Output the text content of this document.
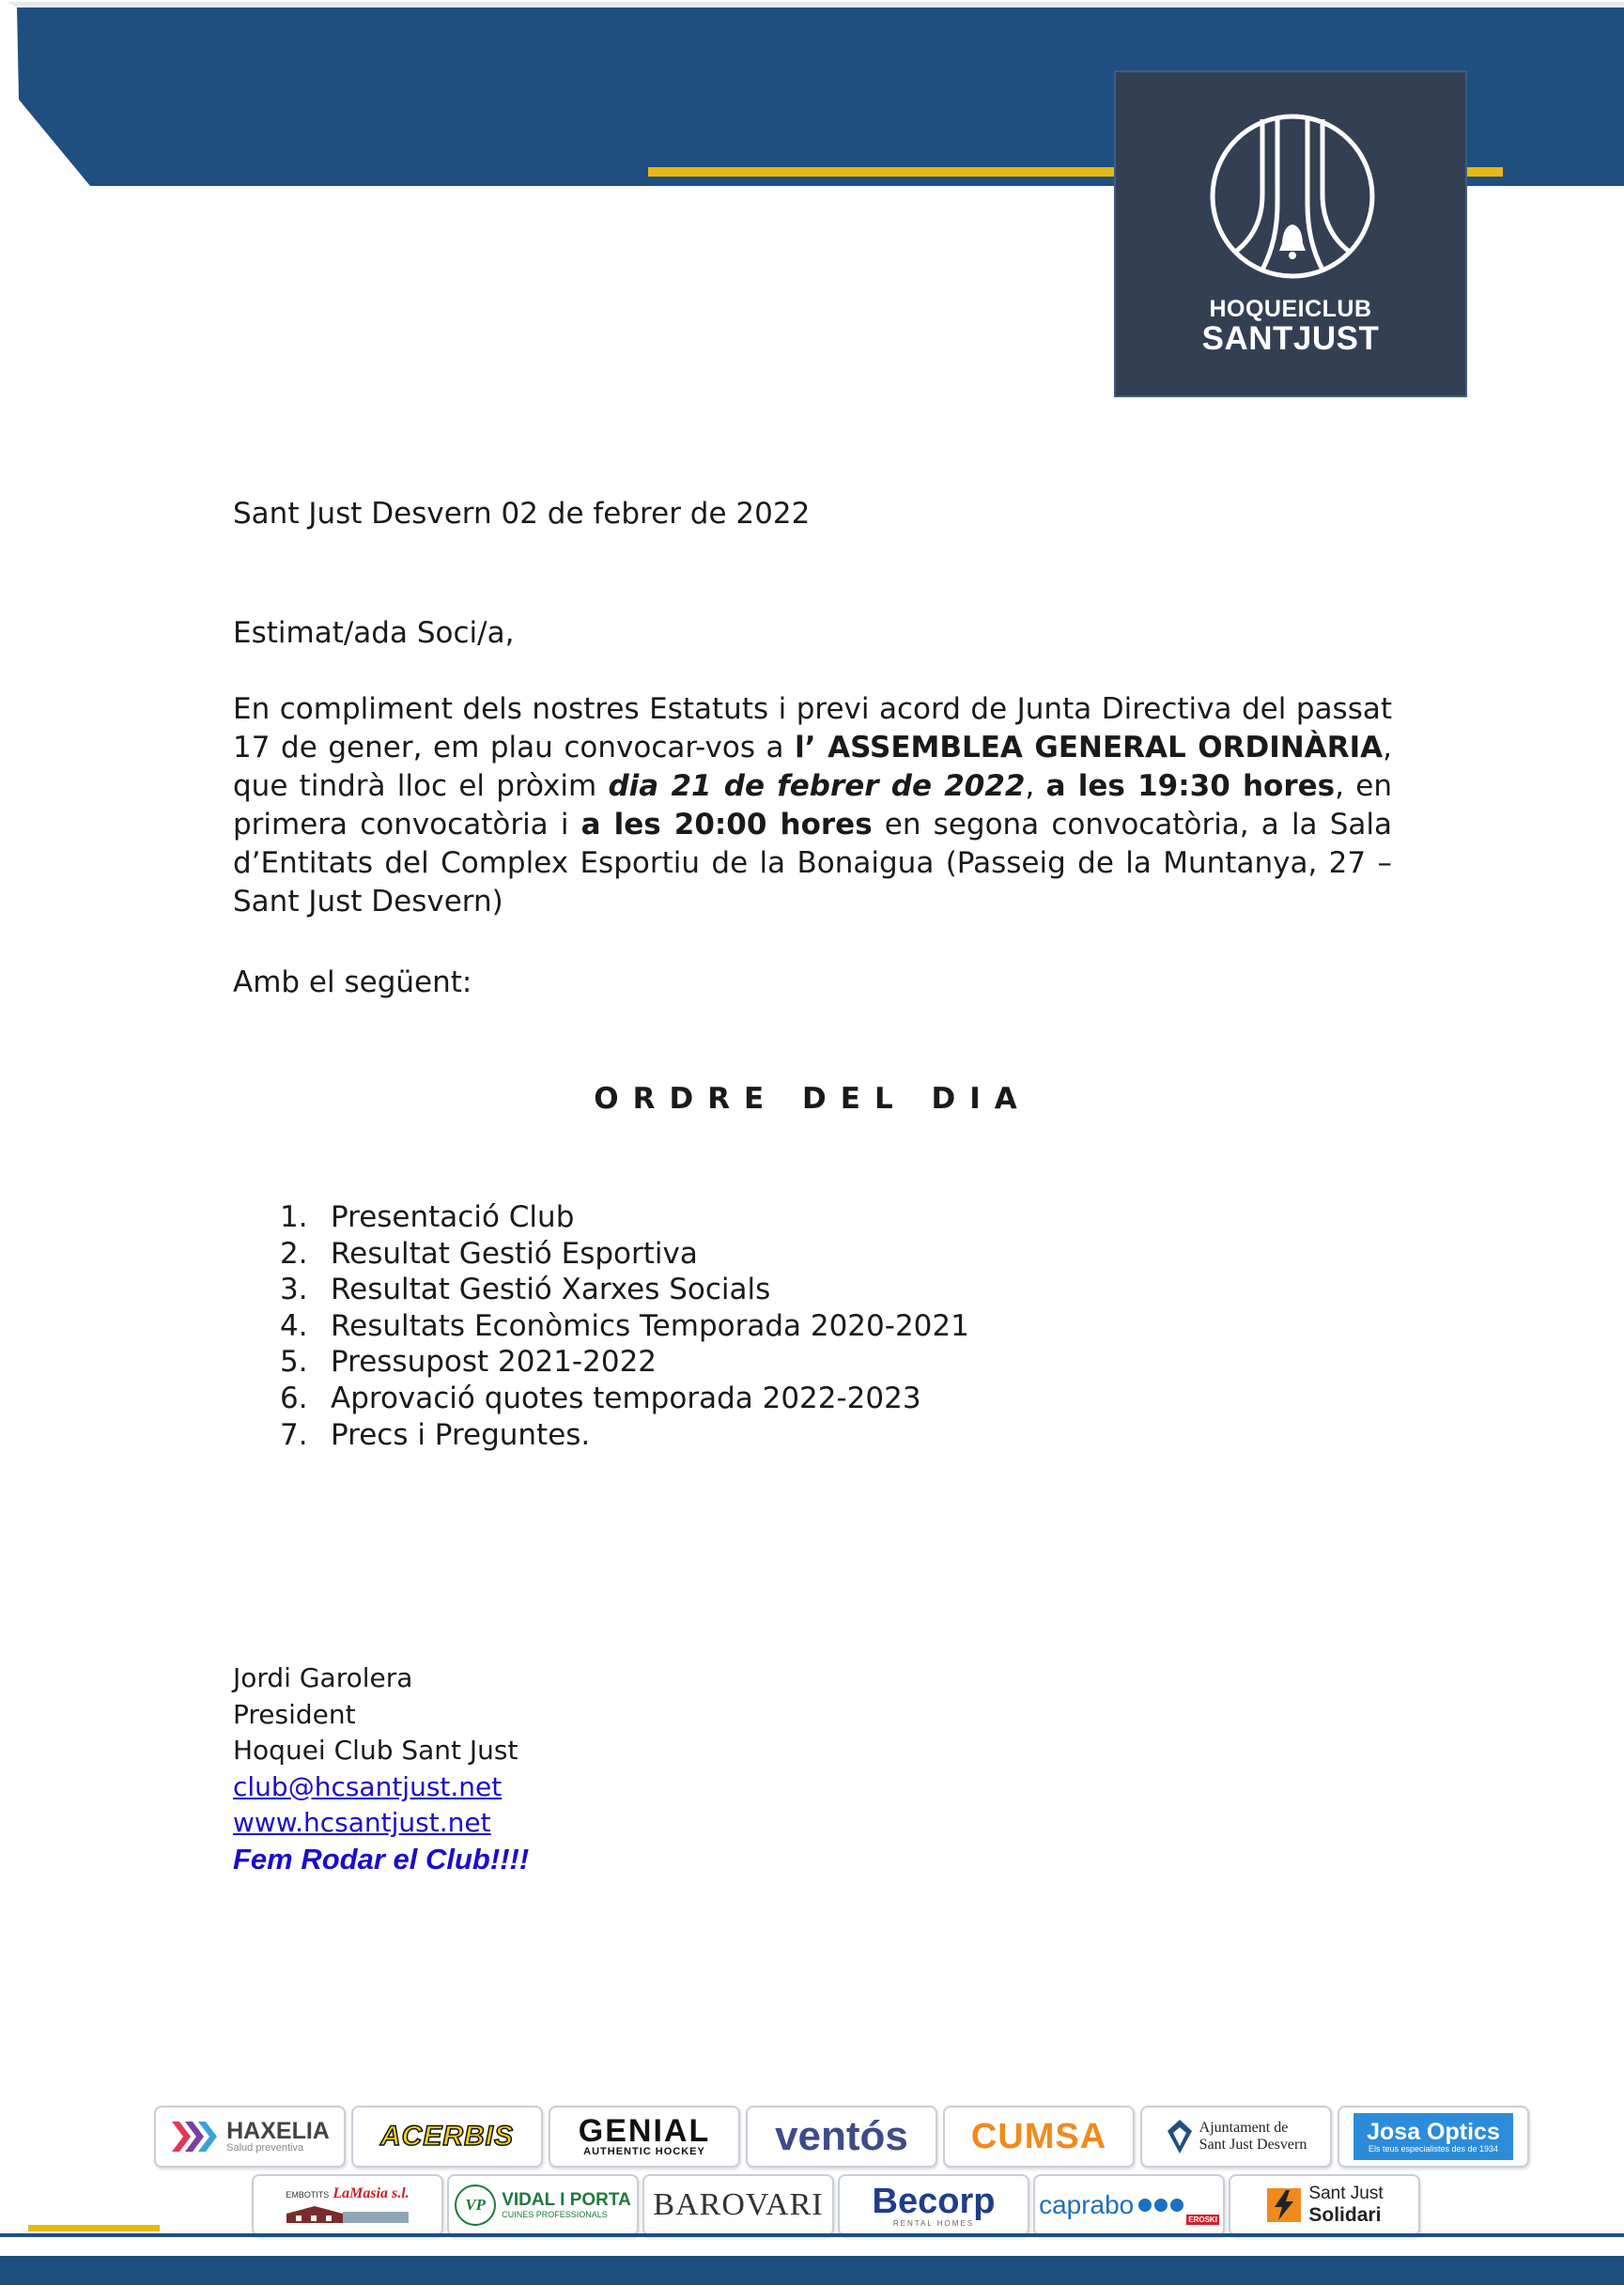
HOQUEICLUB
SANTJUST
Sant Just Desvern 02 de febrer de 2022
Estimat/ada Soci/a,
En compliment dels nostres Estatuts i previ acord de Junta Directiva del passat 17 de gener, em plau convocar-vos a l’ ASSEMBLEA GENERAL ORDINÀRIA, que tindrà lloc el pròxim dia 21 de febrer de 2022, a les 19:30 hores, en primera convocatòria i a les 20:00 hores en segona convocatòria, a la Sala d’Entitats del Complex Esportiu de la Bonaigua (Passeig de la Muntanya, 27 – Sant Just Desvern)
Amb el següent:
ORDRE DEL DIA
1. Presentació Club
2. Resultat Gestió Esportiva
3. Resultat Gestió Xarxes Socials
4. Resultats Econòmics Temporada 2020-2021
5. Pressupost 2021-2022
6. Aprovació quotes temporada 2022-2023
7. Precs i Preguntes.
Jordi Garolera
President
Hoquei Club Sant Just
club@hcsantjust.net
www.hcsantjust.net
Fem Rodar el Club!!!!
HAXELIA
Salud preventiva	ACERBIS GENIAL
AUTHENTIC HOCKEY ventós CUMSA	Ajuntament de
Sant Just Desvern	Josa Optics
Els teus especialistes des de 1934
EMBOTITS LaMasia s.l.
VP VIDAL I PORTA
CUINES PROFESSIONALS	BAROVARI Becorp
RENTAL HOMES
caprabo
EROSKI
Sant Just
Solidari
